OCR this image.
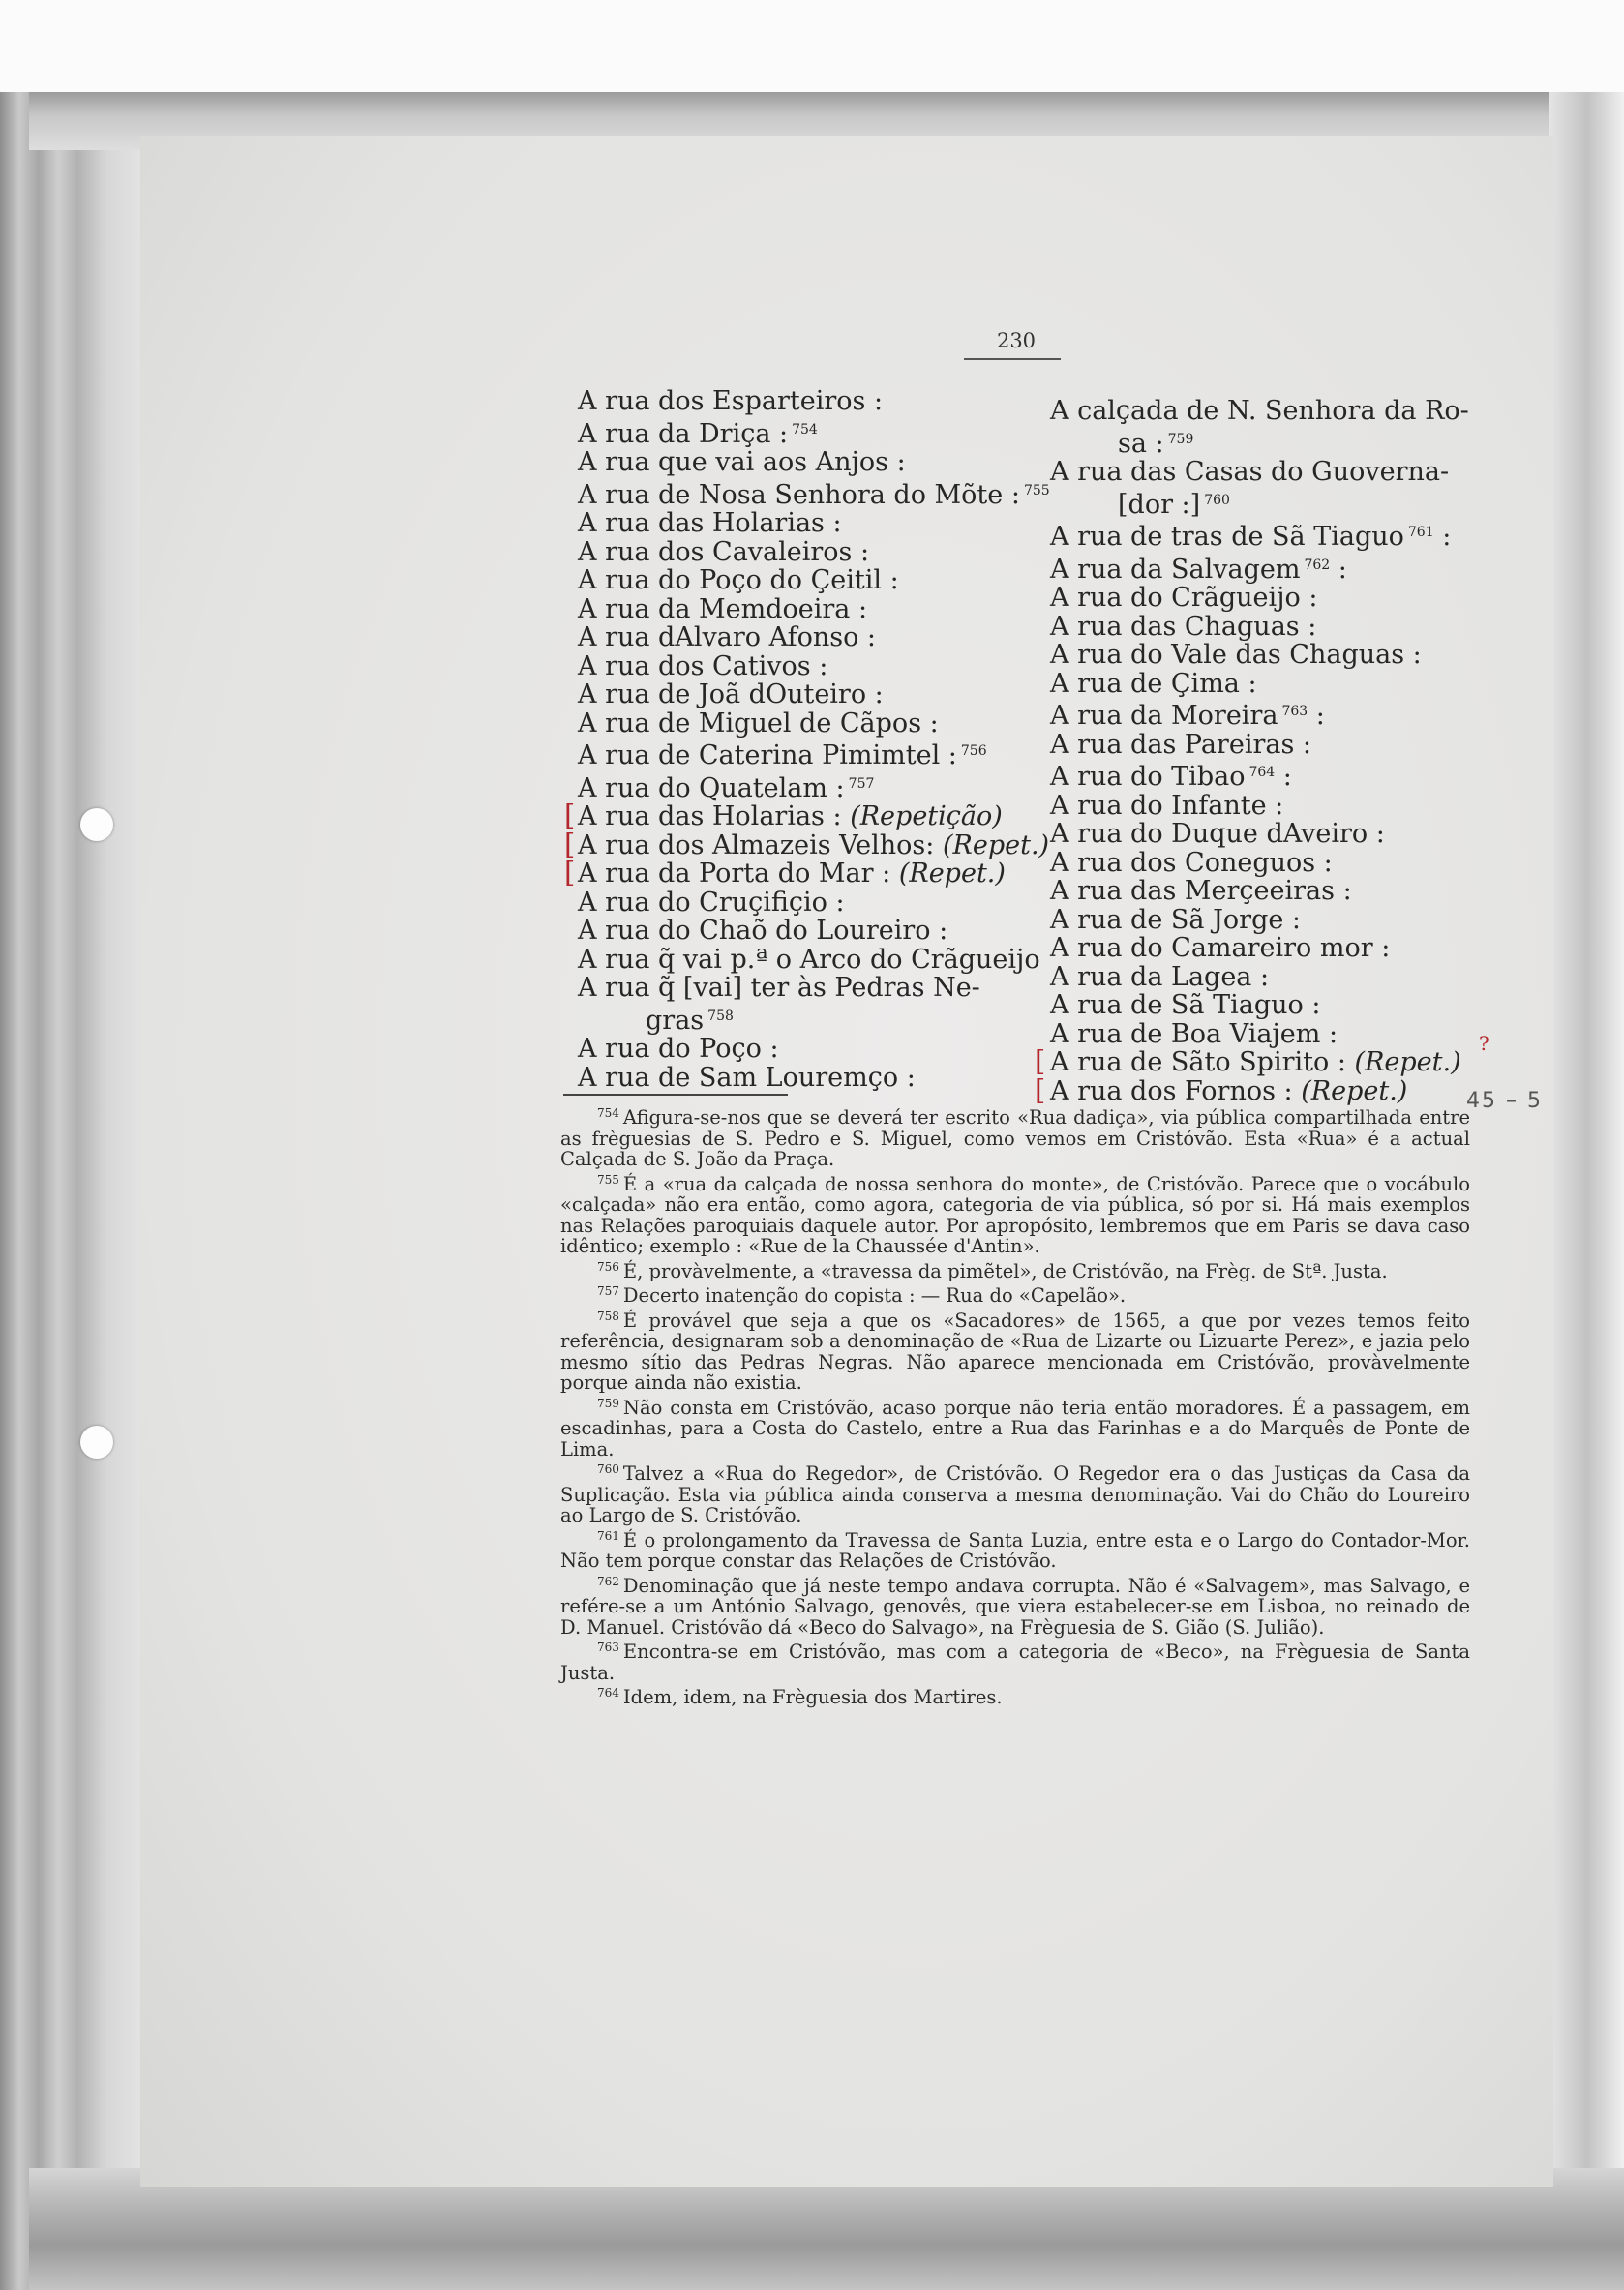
230
A rua dos Esparteiros :
A rua da Driça : $^{754}$
A rua que vai aos Anjos :
A rua de Nosa Senhora do Mõte : $^{755}$
A rua das Holarias :
A rua dos Cavaleiros :
A rua do Poço do Çeitil :
A rua da Memdoeira :
A rua dAlvaro Afonso :
A rua dos Cativos :
A rua de Joã dOuteiro :
A rua de Miguel de Cãpos :
A rua de Caterina Pimimtel : $^{756}$
A rua do Quatelam : $^{757}$
[ A rua das Holarias : (Repetição)
[ A rua dos Almazeis Velhos: (Repet.)
[ A rua da Porta do Mar : (Repet.)
A rua do Cruçifiçio :
A rua do Chaõ do Loureiro :
A rua q̃ vai p.ª o Arco do Crãgueijo
A rua q̃ [vai] ter às Pedras Ne-
gras $^{758}$
A rua do Poço :
A rua de Sam Louremço :
A calçada de N. Senhora da Ro-
sa : $^{759}$
A rua das Casas do Guoverna-
[dor :] $^{760}$
A rua de tras de Sã Tiaguo $^{761}$ :
A rua da Salvagem $^{762}$ :
A rua do Crãgueijo :
A rua das Chaguas :
A rua do Vale das Chaguas :
A rua de Çima :
A rua da Moreira $^{763}$ :
A rua das Pareiras :
A rua do Tibao $^{764}$ :
A rua do Infante :
A rua do Duque dAveiro :
A rua dos Coneguos :
A rua das Merçeeiras :
A rua de Sã Jorge :
A rua do Camareiro mor :
A rua da Lagea :
A rua de Sã Tiaguo :
A rua de Boa Viajem :
[ A rua de Sãto Spirito : (Repet.)
[ A rua dos Fornos : (Repet.)

$^{754}$ Afigura-se-nos que se deverá ter escrito «Rua dadiça», via pública compartilhada entre as frèguesias de S. Pedro e S. Miguel, como vemos em Cristóvão. Esta «Rua» é a actual Calçada de S. João da Praça.

$^{755}$ É a «rua da calçada de nossa senhora do monte», de Cristóvão. Parece que o vocábulo «calçada» não era então, como agora, categoria de via pública, só por si. Há mais exemplos nas Relações paroquiais daquele autor. Por apropósito, lembremos que em Paris se dava caso idêntico; exemplo : «Rue de la Chaussée d'Antin».

$^{756}$ É, provàvelmente, a «travessa da pimẽtel», de Cristóvão, na Frèg. de Stª. Justa.

$^{757}$ Decerto inatenção do copista : — Rua do «Capelão».

$^{758}$ É provável que seja a que os «Sacadores» de 1565, a que por vezes temos feito referência, designaram sob a denominação de «Rua de Lizarte ou Lizuarte Perez», e jazia pelo mesmo sítio das Pedras Negras. Não aparece mencionada em Cristóvão, provàvelmente porque ainda não existia.

$^{759}$ Não consta em Cristóvão, acaso porque não teria então moradores. É a passagem, em escadinhas, para a Costa do Castelo, entre a Rua das Farinhas e a do Marquês de Ponte de Lima.

$^{760}$ Talvez a «Rua do Regedor», de Cristóvão. O Regedor era o das Justiças da Casa da Suplicação. Esta via pública ainda conserva a mesma denominação. Vai do Chão do Loureiro ao Largo de S. Cristóvão.

$^{761}$ É o prolongamento da Travessa de Santa Luzia, entre esta e o Largo do Contador-Mor. Não tem porque constar das Relações de Cristóvão.

$^{762}$ Denominação que já neste tempo andava corrupta. Não é «Salvagem», mas Salvago, e refére-se a um António Salvago, genovês, que viera estabelecer-se em Lisboa, no reinado de D. Manuel. Cristóvão dá «Beco do Salvago», na Frèguesia de S. Gião (S. Julião).

$^{763}$ Encontra-se em Cristóvão, mas com a categoria de «Beco», na Frèguesia de Santa Justa.

$^{764}$ Idem, idem, na Frèguesia dos Martires.

?
45 – 5
